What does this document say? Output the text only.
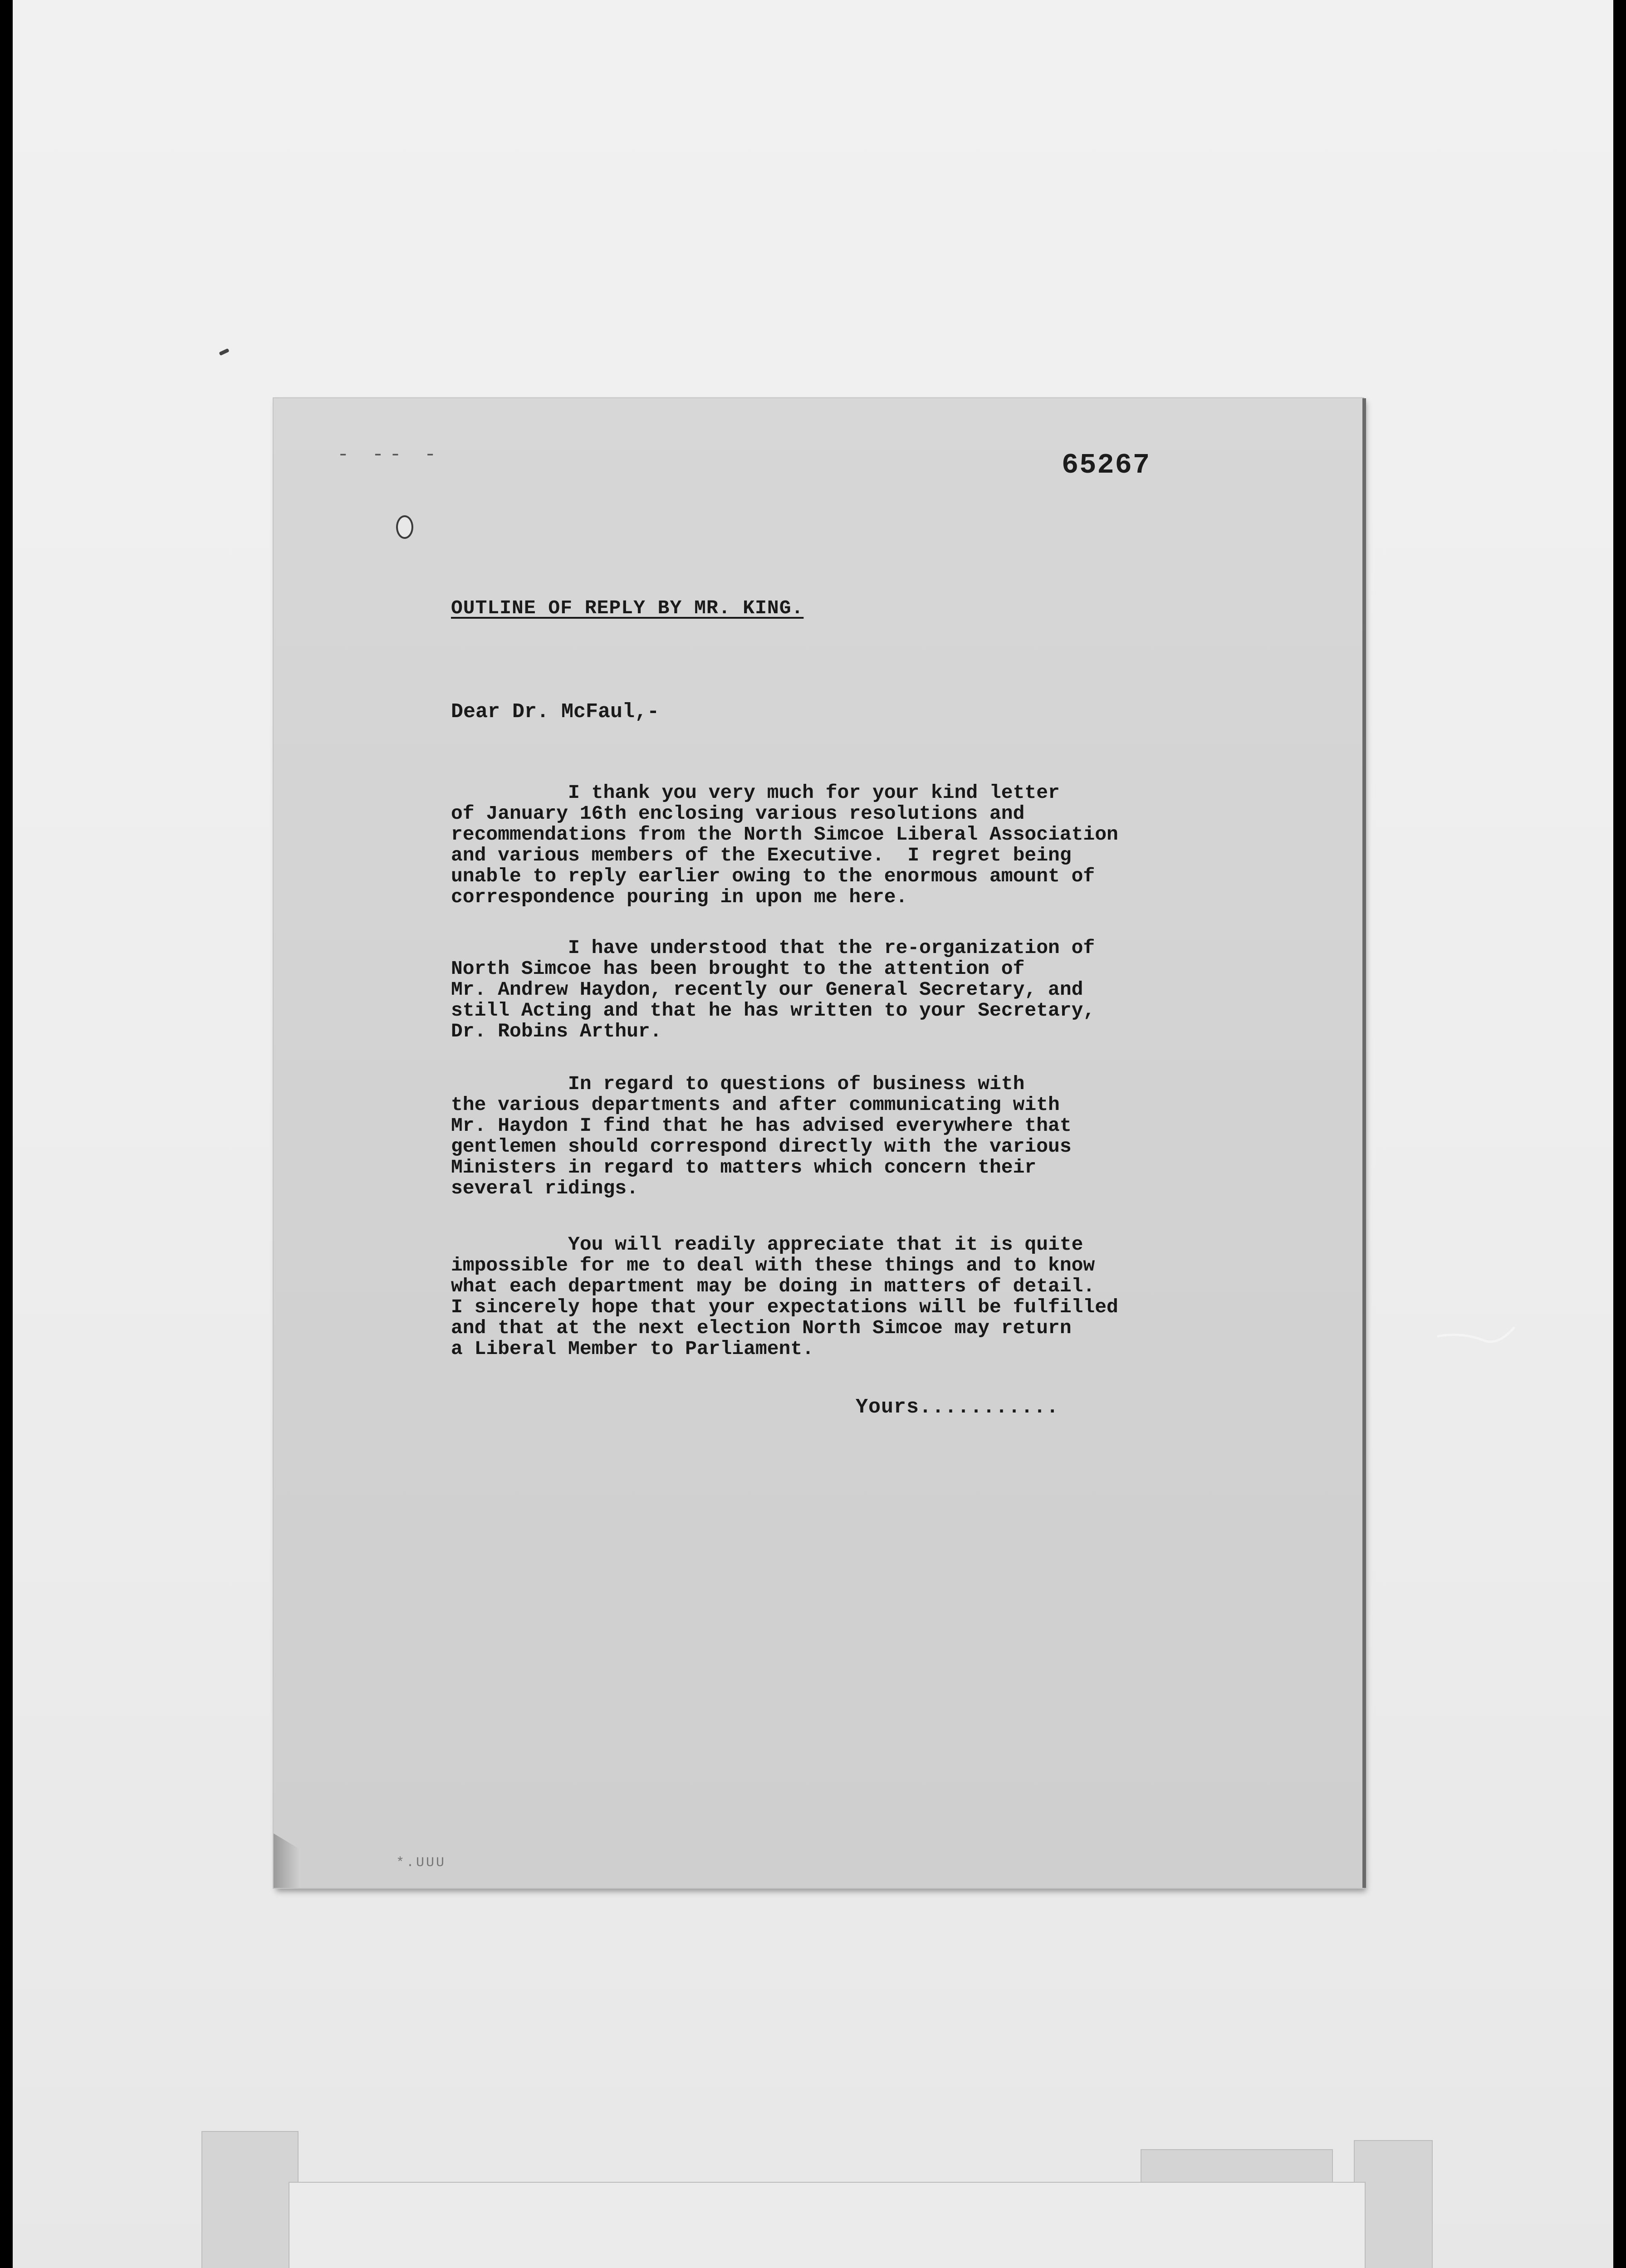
- -- -	65267
OUTLINE OF REPLY BY MR. KING.
Dear Dr. McFaul,-

I thank you very much for your kind letter
of January 16th enclosing various resolutions and
recommendations from the North Simcoe Liberal Association
and various members of the Executive.  I regret being
unable to reply earlier owing to the enormous amount of
correspondence pouring in upon me here.

I have understood that the re-organization of
North Simcoe has been brought to the attention of
Mr. Andrew Haydon, recently our General Secretary, and
still Acting and that he has written to your Secretary,
Dr. Robins Arthur.

In regard to questions of business with
the various departments and after communicating with
Mr. Haydon I find that he has advised everywhere that
gentlemen should correspond directly with the various
Ministers in regard to matters which concern their
several ridings.

You will readily appreciate that it is quite
impossible for me to deal with these things and to know
what each department may be doing in matters of detail.
I sincerely hope that your expectations will be fulfilled
and that at the next election North Simcoe may return
a Liberal Member to Parliament.

Yours...........
*.UUU
